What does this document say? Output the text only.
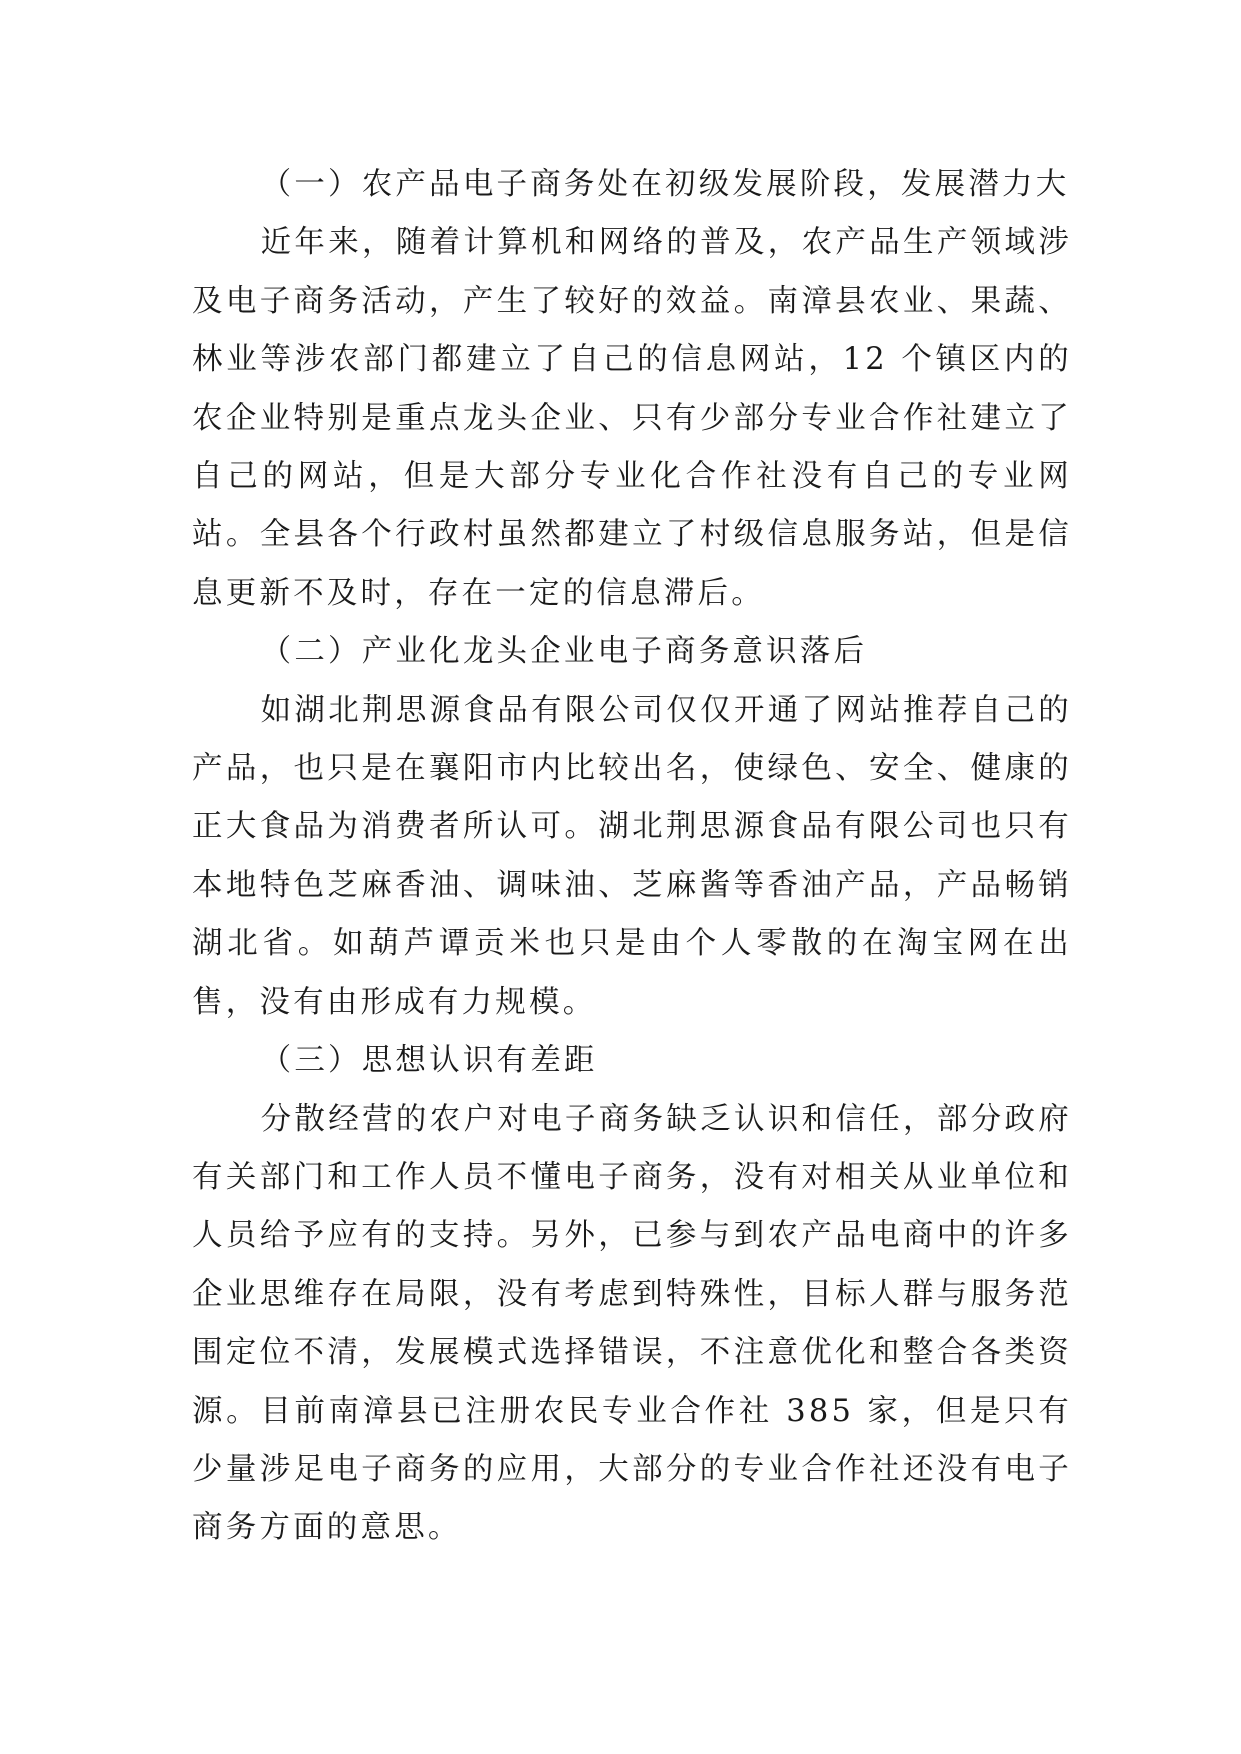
（一）农产品电子商务处在初级发展阶段，发展潜力大

近年来，随着计算机和网络的普及，农产品生产领域涉及电子商务活动，产生了较好的效益。南漳县农业、果蔬、林业等涉农部门都建立了自己的信息网站，12 个镇区内的农企业特别是重点龙头企业、只有少部分专业合作社建立了自己的网站，但是大部分专业化合作社没有自己的专业网站。全县各个行政村虽然都建立了村级信息服务站，但是信息更新不及时，存在一定的信息滞后。

（二）产业化龙头企业电子商务意识落后

如湖北荆思源食品有限公司仅仅开通了网站推荐自己的产品，也只是在襄阳市内比较出名，使绿色、安全、健康的正大食品为消费者所认可。湖北荆思源食品有限公司也只有本地特色芝麻香油、调味油、芝麻酱等香油产品，产品畅销湖北省。如葫芦谭贡米也只是由个人零散的在淘宝网在出售，没有由形成有力规模。

（三）思想认识有差距

分散经营的农户对电子商务缺乏认识和信任，部分政府有关部门和工作人员不懂电子商务，没有对相关从业单位和人员给予应有的支持。另外，已参与到农产品电商中的许多企业思维存在局限，没有考虑到特殊性，目标人群与服务范围定位不清，发展模式选择错误，不注意优化和整合各类资源。目前南漳县已注册农民专业合作社 385 家，但是只有少量涉足电子商务的应用，大部分的专业合作社还没有电子商务方面的意思。
